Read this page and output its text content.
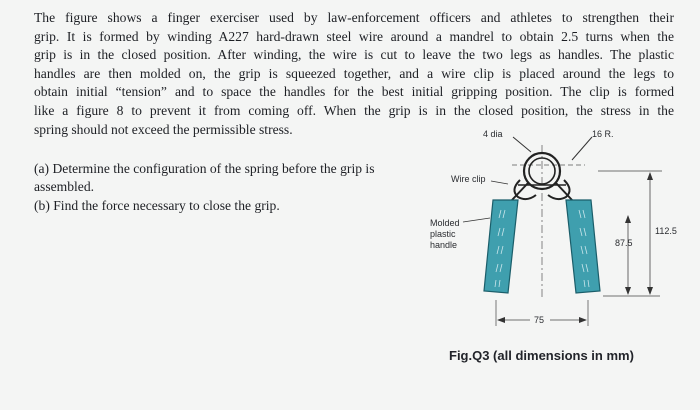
The figure shows a finger exerciser used by law-enforcement officers and athletes to strengthen their
grip. It is formed by winding A227 hard-drawn steel wire around a mandrel to obtain 2.5 turns when the
grip is in the closed position. After winding, the wire is cut to leave the two legs as handles. The plastic
handles are then molded on, the grip is squeezed together, and a wire clip is placed around the legs to
obtain initial “tension” and to space the handles for the best initial gripping position. The clip is formed
like a figure 8 to prevent it from coming off. When the grip is in the closed position, the stress in the
spring should not exceed the permissible stress.
(a) Determine the configuration of the spring before the grip is
assembled.
(b) Find the force necessary to close the grip.
4 dia	16 R.
Wire clip
Molded
plastic
handle
112.5
87.5
75
Fig.Q3 (all dimensions in mm)
